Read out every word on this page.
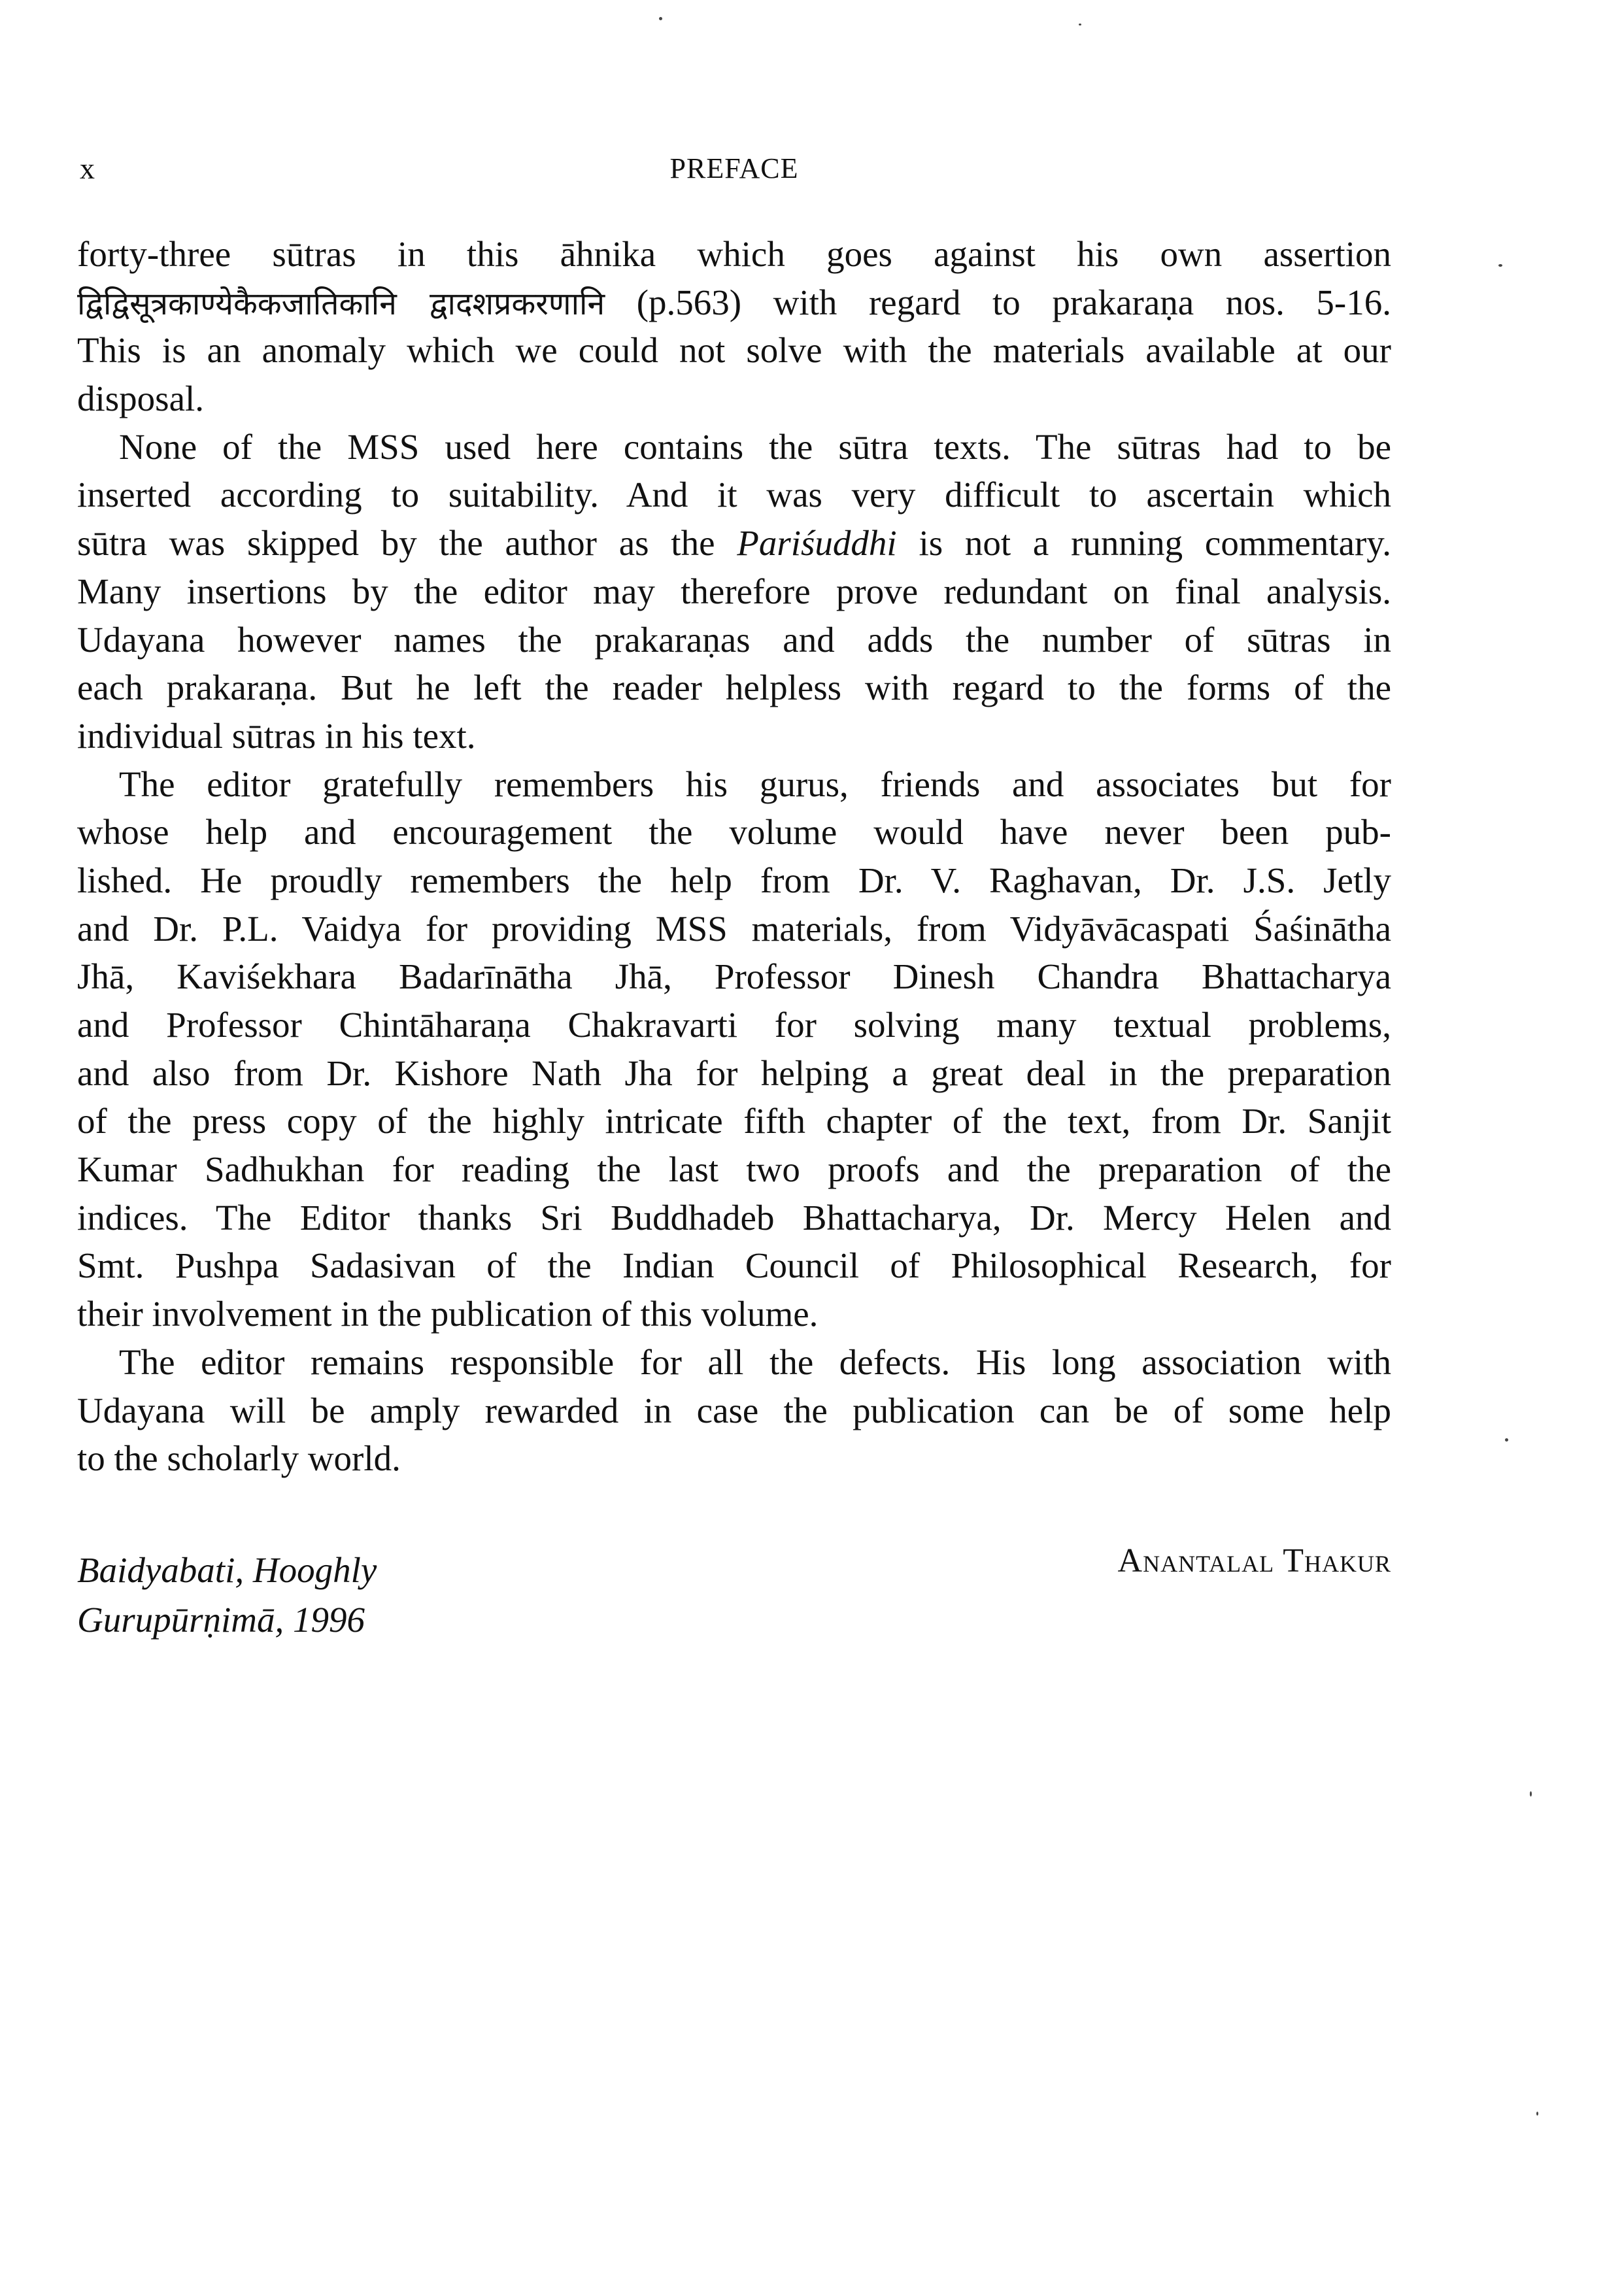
x	PREFACE
forty-three sūtras in this āhnika which goes against his own assertion
द्विद्विसूत्रकाण्येकैकजातिकानि द्वादशप्रकरणानि (p.563) with regard to prakaraṇa nos. 5-16.
This is an anomaly which we could not solve with the materials available at our
disposal.
None of the MSS used here contains the sūtra texts. The sūtras had to be
inserted according to suitability. And it was very difficult to ascertain which
sūtra was skipped by the author as the Pariśuddhi is not a running commentary.
Many insertions by the editor may therefore prove redundant on final analysis.
Udayana however names the prakaraṇas and adds the number of sūtras in
each prakaraṇa. But he left the reader helpless with regard to the forms of the
individual sūtras in his text.
The editor gratefully remembers his gurus, friends and associates but for
whose help and encouragement the volume would have never been pub-
lished. He proudly remembers the help from Dr. V. Raghavan, Dr. J.S. Jetly
and Dr. P.L. Vaidya for providing MSS materials, from Vidyāvācaspati Śaśinātha
Jhā, Kaviśekhara Badarīnātha Jhā, Professor Dinesh Chandra Bhattacharya
and Professor Chintāharaṇa Chakravarti for solving many textual problems,
and also from Dr. Kishore Nath Jha for helping a great deal in the preparation
of the press copy of the highly intricate fifth chapter of the text, from Dr. Sanjit
Kumar Sadhukhan for reading the last two proofs and the preparation of the
indices. The Editor thanks Sri Buddhadeb Bhattacharya, Dr. Mercy Helen and
Smt. Pushpa Sadasivan of the Indian Council of Philosophical Research, for
their involvement in the publication of this volume.
The editor remains responsible for all the defects. His long association with
Udayana will be amply rewarded in case the publication can be of some help
to the scholarly world.
Baidyabati, Hooghly
Gurupūrṇimā, 1996
Anantalal Thakur
